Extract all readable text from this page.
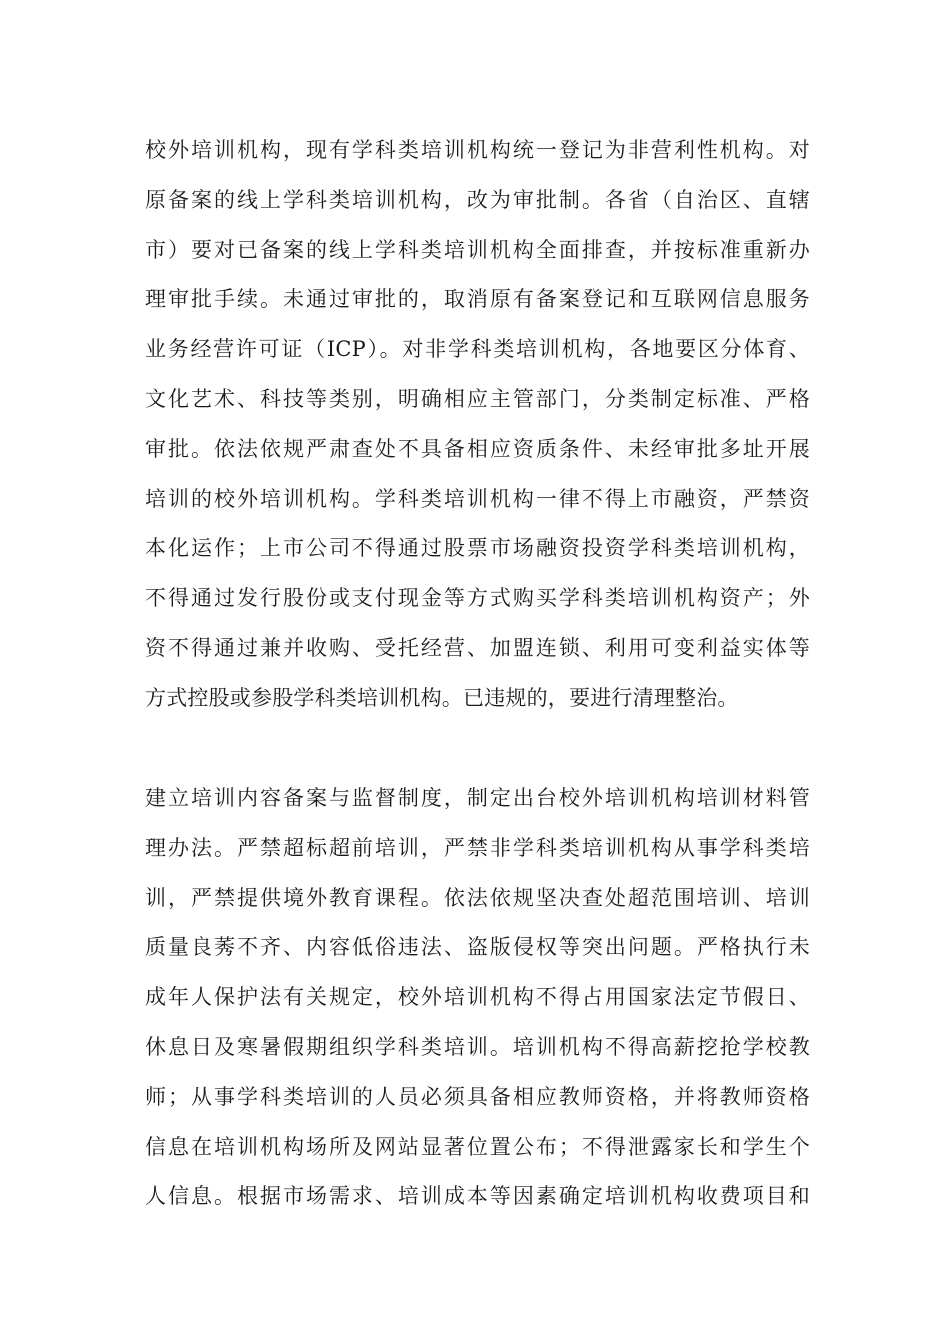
校外培训机构，现有学科类培训机构统一登记为非营利性机构。对
原备案的线上学科类培训机构，改为审批制。各省（自治区、直辖
市）要对已备案的线上学科类培训机构全面排查，并按标准重新办
理审批手续。未通过审批的，取消原有备案登记和互联网信息服务
业务经营许可证（ICP）。对非学科类培训机构，各地要区分体育、
文化艺术、科技等类别，明确相应主管部门，分类制定标准、严格
审批。依法依规严肃查处不具备相应资质条件、未经审批多址开展
培训的校外培训机构。学科类培训机构一律不得上市融资，严禁资
本化运作；上市公司不得通过股票市场融资投资学科类培训机构，
不得通过发行股份或支付现金等方式购买学科类培训机构资产；外
资不得通过兼并收购、受托经营、加盟连锁、利用可变利益实体等
方式控股或参股学科类培训机构。已违规的，要进行清理整治。
建立培训内容备案与监督制度，制定出台校外培训机构培训材料管
理办法。严禁超标超前培训，严禁非学科类培训机构从事学科类培
训，严禁提供境外教育课程。依法依规坚决查处超范围培训、培训
质量良莠不齐、内容低俗违法、盗版侵权等突出问题。严格执行未
成年人保护法有关规定，校外培训机构不得占用国家法定节假日、
休息日及寒暑假期组织学科类培训。培训机构不得高薪挖抢学校教
师；从事学科类培训的人员必须具备相应教师资格，并将教师资格
信息在培训机构场所及网站显著位置公布；不得泄露家长和学生个
人信息。根据市场需求、培训成本等因素确定培训机构收费项目和
